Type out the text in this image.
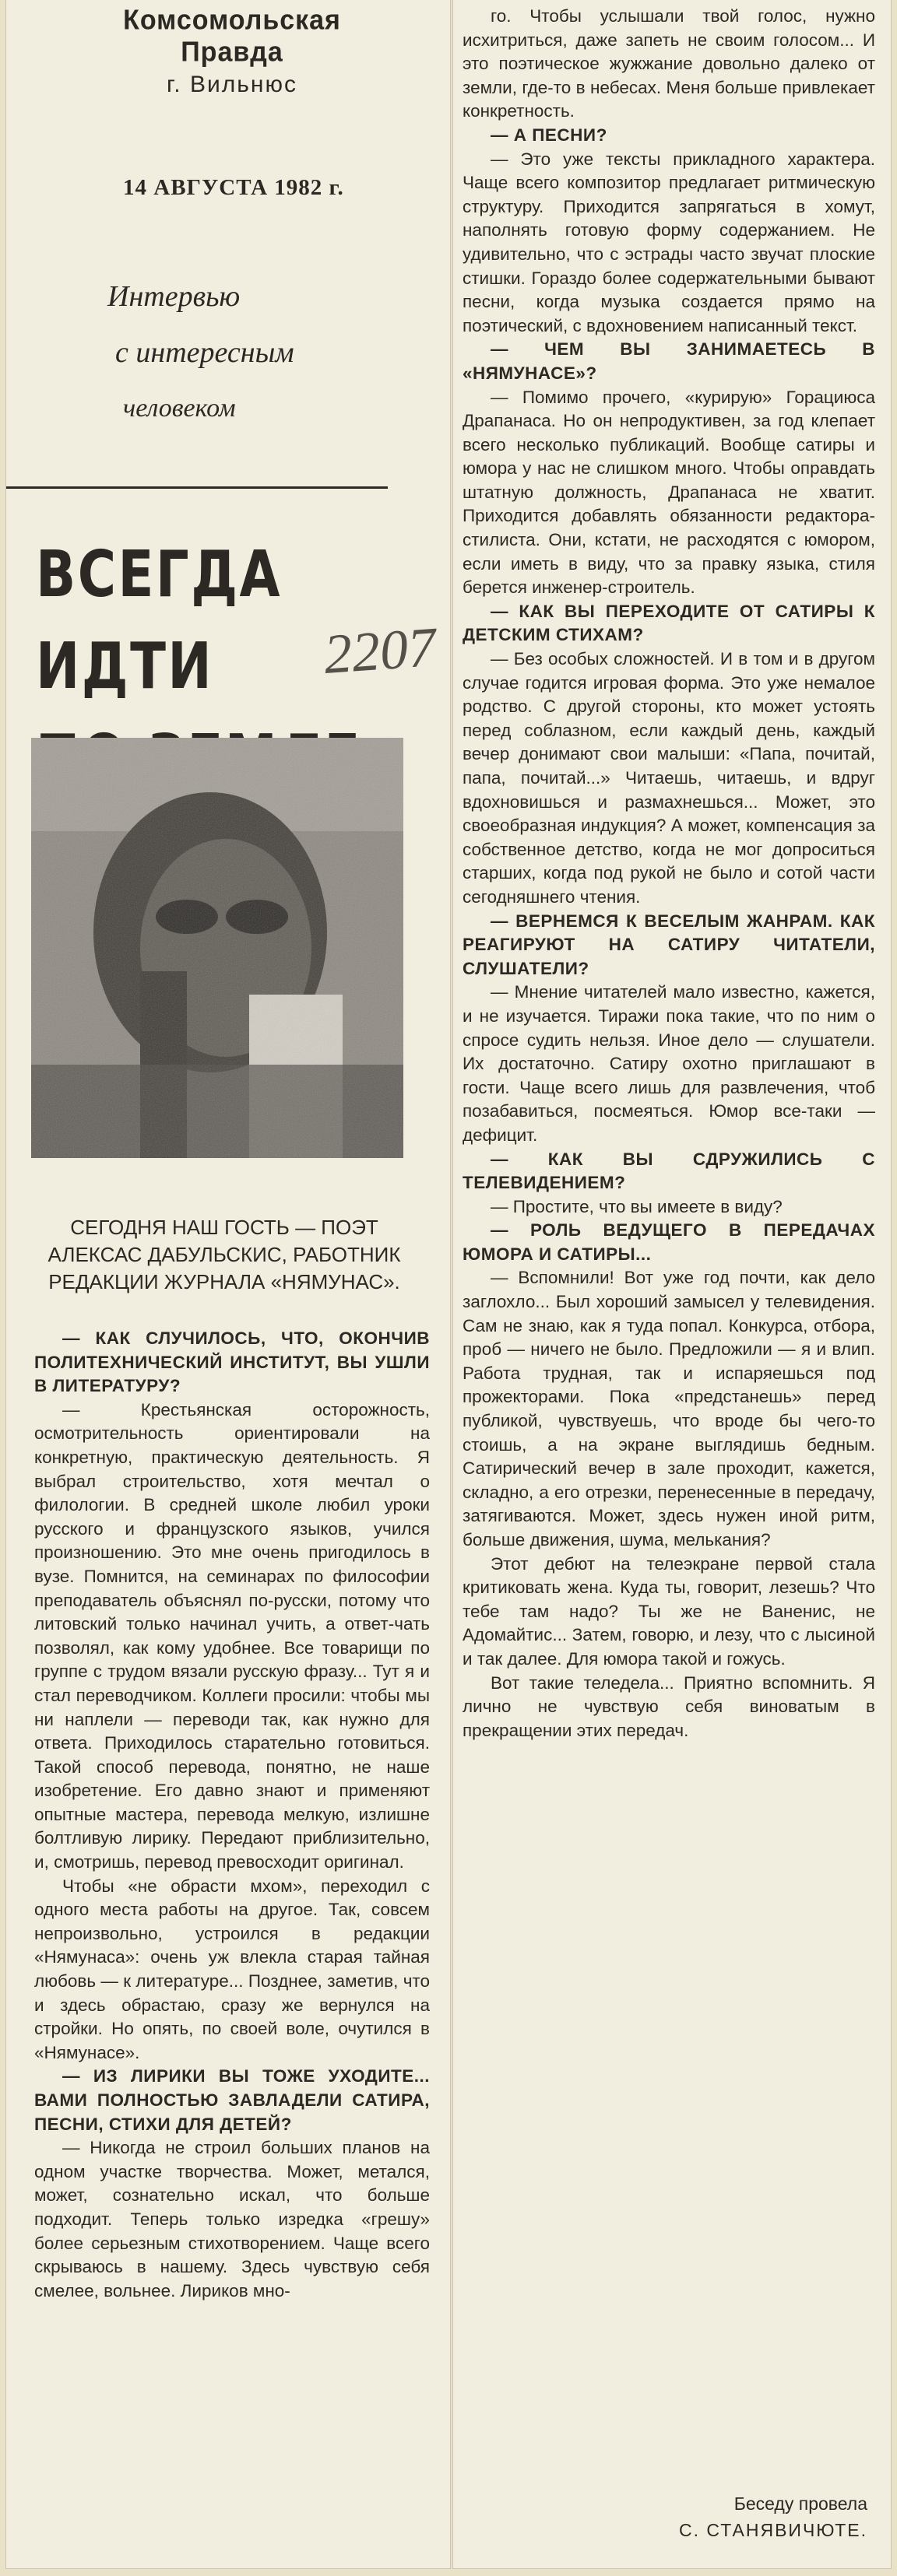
Комсомольская Правда
г. Вильнюс
14 АВГУСТА 1982 г.
Интервью
с интересным
человеком
ВСЕГДА ИДТИ	2207
СЕГОДНЯ НАШ ГОСТЬ — ПОЭТ АЛЕКСАС ДАБУЛЬСКИС, РАБОТНИК РЕДАКЦИИ ЖУРНАЛА «НЯМУНАС».

— КАК СЛУЧИЛОСЬ, ЧТО, ОКОНЧИВ ПОЛИТЕХНИЧЕСКИЙ ИНСТИТУТ, ВЫ УШЛИ В ЛИТЕРАТУРУ?

— Крестьянская осторожность, осмотрительность ориентировали на конкретную, практическую деятельность. Я выбрал строительство, хотя мечтал о филологии. В средней школе любил уроки русского и французского языков, учился произношению. Это мне очень пригодилось в вузе. Помнится, на семинарах по философии преподаватель объяснял по-русски, потому что литовский только начинал учить, а ответ-чать позволял, как кому удобнее. Все товарищи по группе с трудом вязали русскую фразу... Тут я и стал переводчиком. Коллеги просили: чтобы мы ни наплели — переводи так, как нужно для ответа. Приходилось старательно готовиться. Такой способ перевода, понятно, не наше изобретение. Его давно знают и применяют опытные мастера, перевода мелкую, излишне болтливую лирику. Передают приблизительно, и, смотришь, перевод превосходит оригинал.

Чтобы «не обрасти мхом», переходил с одного места работы на другое. Так, совсем непроизвольно, устроился в редакции «Нямунаса»: очень уж влекла старая тайная любовь — к литературе... Позднее, заметив, что и здесь обрастаю, сразу же вернулся на стройки. Но опять, по своей воле, очутился в «Нямунасе».

— ИЗ ЛИРИКИ ВЫ ТОЖЕ УХОДИТЕ... ВАМИ ПОЛНОСТЬЮ ЗАВЛАДЕЛИ САТИРА, ПЕСНИ, СТИХИ ДЛЯ ДЕТЕЙ?

— Никогда не строил больших планов на одном участке творчества. Может, метался, может, сознательно искал, что больше подходит. Теперь только изредка «грешу» более серьезным стихотворением. Чаще всего скрываюсь в нашему. Здесь чувствую себя смелее, вольнее. Лириков мно-

го. Чтобы услышали твой голос, нужно исхитриться, даже запеть не своим голосом... И это поэтическое жужжание довольно далеко от земли, где-то в небесах. Меня больше привлекает конкретность.

— А ПЕСНИ?

— Это уже тексты прикладного характера. Чаще всего композитор предлагает ритмическую структуру. Приходится запрягаться в хомут, наполнять готовую форму содержанием. Не удивительно, что с эстрады часто звучат плоские стишки. Гораздо более содержательными бывают песни, когда музыка создается прямо на поэтический, с вдохновением написанный текст.

— ЧЕМ ВЫ ЗАНИМАЕТЕСЬ В «НЯМУНАСЕ»?

— Помимо прочего, «курирую» Горациюса Драпанаса. Но он непродуктивен, за год клепает всего несколько публикаций. Вообще сатиры и юмора у нас не слишком много. Чтобы оправдать штатную должность, Драпанаса не хватит. Приходится добавлять обязанности редактора-стилиста. Они, кстати, не расходятся с юмором, если иметь в виду, что за правку языка, стиля берется инженер-строитель.

— КАК ВЫ ПЕРЕХОДИТЕ ОТ САТИРЫ К ДЕТСКИМ СТИХАМ?

— Без особых сложностей. И в том и в другом случае годится игровая форма. Это уже немалое родство. С другой стороны, кто может устоять перед соблазном, если каждый день, каждый вечер донимают свои малыши: «Папа, почитай, папа, почитай...» Читаешь, читаешь, и вдруг вдохновишься и размахнешься... Может, это своеобразная индукция? А может, компенсация за собственное детство, когда не мог допроситься старших, когда под рукой не было и сотой части сегодняшнего чтения.

— ВЕРНЕМСЯ К ВЕСЕЛЫМ ЖАНРАМ. КАК РЕАГИРУЮТ НА САТИРУ ЧИТАТЕЛИ, СЛУШАТЕЛИ?

— Мнение читателей мало известно, кажется, и не изучается. Тиражи пока такие, что по ним о спросе судить нельзя. Иное дело — слушатели. Их достаточно. Сатиру охотно приглашают в гости. Чаще всего лишь для развлечения, чтоб позабавиться, посмеяться. Юмор все-таки — дефицит.

— КАК ВЫ СДРУЖИЛИСЬ С ТЕЛЕВИДЕНИЕМ?

— Простите, что вы имеете в виду?

— РОЛЬ ВЕДУЩЕГО В ПЕРЕДАЧАХ ЮМОРА И САТИРЫ...

— Вспомнили! Вот уже год почти, как дело заглохло... Был хороший замысел у телевидения. Сам не знаю, как я туда попал. Конкурса, отбора, проб — ничего не было. Предложили — я и влип. Работа трудная, так и испаряешься под прожекторами. Пока «предстанешь» перед публикой, чувствуешь, что вроде бы чего-то стоишь, а на экране выглядишь бедным. Сатирический вечер в зале проходит, кажется, складно, а его отрезки, перенесенные в передачу, затягиваются. Может, здесь нужен иной ритм, больше движения, шума, мелькания?

Этот дебют на телеэкране первой стала критиковать жена. Куда ты, говорит, лезешь? Что тебе там надо? Ты же не Ванениc, не Адомайтис... Затем, говорю, и лезу, что с лысиной и так далее. Для юмора такой и гожусь.

Вот такие теледела... Приятно вспомнить. Я лично не чувствую себя виноватым в прекращении этих передач.

Беседу провела
С. СТАНЯВИЧЮТЕ.
